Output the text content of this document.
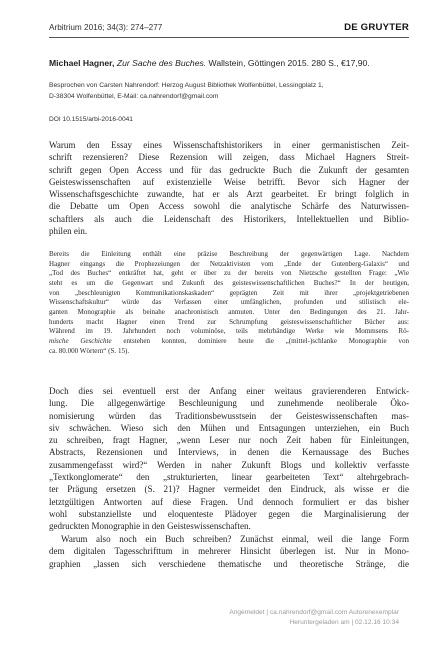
Arbitrium 2016; 34(3): 274–277	DE GRUYTER
Michael Hagner, Zur Sache des Buches. Wallstein, Göttingen 2015. 280 S., €17,90.
Besprochen von Carsten Nahrendorf: Herzog August Bibliothek Wolfenbüttel, Lessingplatz 1,
D-38304 Wolfenbüttel, E-Mail: ca.nahrendorf@gmail.com
DOI 10.1515/arbi-2016-0041
Warum den Essay eines Wissenschaftshistorikers in einer germanistischen Zeit-
schrift rezensieren? Diese Rezension will zeigen, dass Michael Hagners Streit-
schrift gegen Open Access und für das gedruckte Buch die Zukunft der gesamten
Geisteswissenschaften auf existenzielle Weise betrifft. Bevor sich Hagner der
Wissenschaftsgeschichte zuwandte, hat er als Arzt gearbeitet. Er bringt folglich in
die Debatte um Open Access sowohl die analytische Schärfe des Naturwissen-
schaftlers als auch die Leidenschaft des Historikers, Intellektuellen und Biblio-
philen ein.
Bereits die Einleitung enthält eine präzise Beschreibung der gegenwärtigen Lage. Nachdem
Hagner eingangs die Prophezeiungen der Netzaktivisten vom „Ende der Gutenberg-Galaxis“ und
„Tod des Buches“ entkräftet hat, geht er über zu der bereits von Nietzsche gestellten Frage: „Wie
steht es um die Gegenwart und Zukunft des geisteswissenschaftlichen Buches?“ In der heutigen,
von „beschleunigten Kommunikationskaskaden“ geprägten Zeit mit ihrer „projektgetriebenen
Wissenschaftskultur“ würde das Verfassen einer umfänglichen, profunden und stilistisch ele-
ganten Monographie als beinahe anachronistisch anmuten. Unter den Bedingungen des 21. Jahr-
hunderts macht Hagner einen Trend zur Schrumpfung geisteswissenschaftlicher Bücher aus:
Während im 19. Jahrhundert noch voluminöse, teils mehrbändige Werke wie Mommsens Rö-
mische Geschichte entstehen konnten, dominiere heute die „(mittel-)schlanke Monographie von
ca. 80.000 Wörtern“ (S. 15).
Doch dies sei eventuell erst der Anfang einer weitaus gravierenderen Entwick-
lung. Die allgegenwärtige Beschleunigung und zunehmende neoliberale Öko-
nomisierung würden das Traditionsbewusstsein der Geisteswissenschaften mas-
siv schwächen. Wieso sich den Mühen und Entsagungen unterziehen, ein Buch
zu schreiben, fragt Hagner, „wenn Leser nur noch Zeit haben für Einleitungen,
Abstracts, Rezensionen und Interviews, in denen die Kernaussage des Buches
zusammengefasst wird?“ Werden in naher Zukunft Blogs und kollektiv verfasste
„Textkonglomerate“ den „strukturierten, linear gearbeiteten Text“ altehrgebrach-
ter Prägung ersetzen (S. 21)? Hagner vermeidet den Eindruck, als wisse er die
letztgültigen Antworten auf diese Fragen. Und dennoch formuliert er das bisher
wohl substanziellste und eloquenteste Plädoyer gegen die Marginalisierung der
gedruckten Monographie in den Geisteswissenschaften.
Warum also noch ein Buch schreiben? Zunächst einmal, weil die lange Form
dem digitalen Tagesschrifttum in mehrerer Hinsicht überlegen ist. Nur in Mono-
graphien „lassen sich verschiedene thematische und theoretische Stränge, die
Angemeldet | ca.nahrendorf@gmail.com Autorenexemplar
Heruntergeladen am | 02.12.16 10:34
